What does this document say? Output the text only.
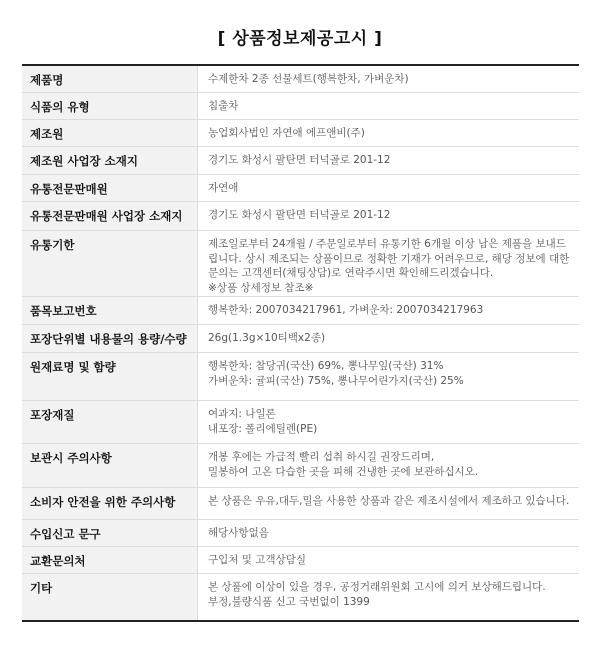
[ 상품정보제공고시 ]
제품명	수제한차 2종 선물세트(행복한차, 가벼운차)
식품의 유형	침출차
제조원	농업회사법인 자연애 에프앤비(주)
제조원 사업장 소재지	경기도 화성시 팔탄면 터넉골로 201-12
유통전문판매원	자연애
유통전문판매원 사업장 소재지	경기도 화성시 팔탄면 터넉골로 201-12
유통기한	제조일로부터 24개월 / 주문일로부터 유통기한 6개월 이상 남은 제품을 보내드립니다. 상시 제조되는 상품이므로 정확한 기재가 어려우므로, 해당 정보에 대한 문의는 고객센터(채팅상담)로 연락주시면 확인해드리겠습니다.
※상품 상세정보 참조※
품목보고번호	행복한차: 2007034217961, 가벼운차: 2007034217963
포장단위별 내용물의 용량/수량	26g(1.3g×10티백x2종)
원재료명 및 함량	행복한차: 참당귀(국산) 69%, 뽕나무잎(국산) 31%
가벼운차: 귤피(국산) 75%, 뽕나무어린가지(국산) 25%
포장재질	여과지: 나일론
내포장: 폴리에틸렌(PE)
보관시 주의사항	개봉 후에는 가급적 빨리 섭취 하시길 권장드리며,
밀봉하여 고온 다습한 곳을 피해 건냉한 곳에 보관하십시오.
소비자 안전을 위한 주의사항	본 상품은 우유,대두,밀을 사용한 상품과 같은 제조시설에서 제조하고 있습니다.
수입신고 문구	해당사항없음
교환문의처	구입처 및 고객상담실
기타	본 상품에 이상이 있을 경우, 공정거래위원회 고시에 의거 보상해드립니다.
부정,불량식품 신고 국번없이 1399
